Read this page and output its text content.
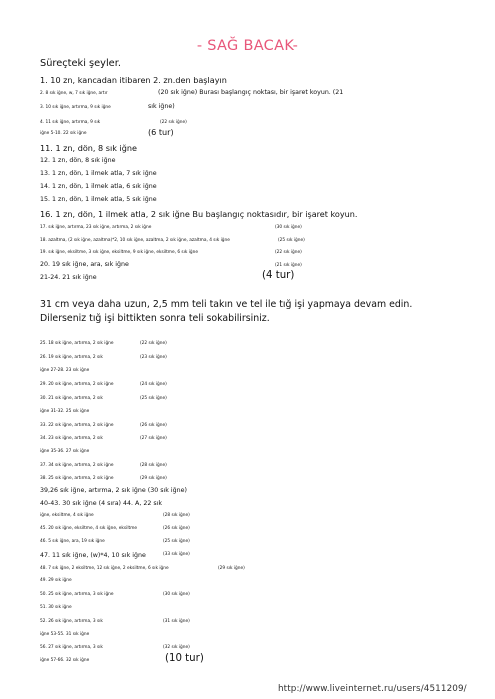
- SAĞ BACAK-
Süreçteki şeyler.
1. 10 zn, kancadan itibaren 2. zn.den başlayın
2. 8 sık iğne, w, 7 sık iğne, artır	(20 sık iğne) Burası başlangıç noktası, bir işaret koyun. (21
3. 10 sık iğne, artırma, 9 sık iğne	sık iğne)
4. 11 sık iğne, artırma, 9 sık	(22 sık iğne)
iğne 5-10. 22 sık iğne	(6 tur)
11. 1 zn, dön, 8 sık iğne
12. 1 zn, dön, 8 sık iğne
13. 1 zn, dön, 1 ilmek atla, 7 sık iğne
14. 1 zn, dön, 1 ilmek atla, 6 sık iğne
15. 1 zn, dön, 1 ilmek atla, 5 sık iğne
16. 1 zn, dön, 1 ilmek atla, 2 sık iğne Bu başlangıç noktasıdır, bir işaret koyun.
17. sık iğne, artırma, 23 sık iğne, artırma, 2 sık iğne	(30 sık iğne)
18. azaltma, (2 sık iğne, azaltma)*2, 10 sık iğne, azaltma, 2 sık iğne, azaltma, 4 sık iğne	(25 sık iğne)
19. sık iğne, eksiltme, 3 sık iğne, eksiltme, 9 sık iğne, eksiltme, 6 sık iğne	(22 sık iğne)
20. 19 sık iğne, ara, sık iğne	(21 sık iğne)
21-24. 21 sık iğne	(4 tur)
25. 18 sık iğne, artırma, 2 sık iğne	(22 sık iğne)
26. 19 sık iğne, artırma, 2 sık	(23 sık iğne)
iğne 27-28. 23 sık iğne
29. 20 sık iğne, artırma, 2 sık iğne	(24 sık iğne)
30. 21 sık iğne, artırma, 2 sık	(25 sık iğne)
iğne 31-32. 25 sık iğne
33. 22 sık iğne, artırma, 2 sık iğne	(26 sık iğne)
34. 23 sık iğne, artırma, 2 sık	(27 sık iğne)
iğne 35-36. 27 sık iğne
37. 34 sık iğne, artırma, 2 sık iğne	(28 sık iğne)
38. 25 sık iğne, artırma, 2 sık iğne	(29 sık iğne)
39,26 sık iğne, artırma, 2 sık iğne (30 sık iğne)
40-43. 30 sık iğne (4 sıra) 44. A, 22 sık
iğne, eksiltme, 4 sık iğne	(28 sık iğne)
45. 20 sık iğne, eksiltme, 4 sık iğne, eksiltme	(26 sık iğne)
46. 5 sık iğne, ara, 19 sık iğne	(25 sık iğne)
47. 11 sık iğne, (w)*4, 10 sık iğne	(33 sık iğne)
48. 7 sık iğne, 2 eksiltme, 12 sık iğne, 2 eksiltme, 6 sık iğne	(29 sık iğne)
49. 29 sık iğne
50. 25 sık iğne, artırma, 3 sık iğne	(30 sık iğne)
51. 30 sık iğne
52. 26 sık iğne, artırma, 3 sık	(31 sık iğne)
iğne 53-55. 31 sık iğne
56. 27 sık iğne, artırma, 3 sık	(32 sık iğne)
iğne 57-66. 32 sık iğne	(10 tur)
31 cm veya daha uzun, 2,5 mm teli takın ve tel ile tığ işi yapmaya devam edin. Dilerseniz tığ işi bittikten sonra teli sokabilirsiniz.
http://www.liveinternet.ru/users/4511209/
